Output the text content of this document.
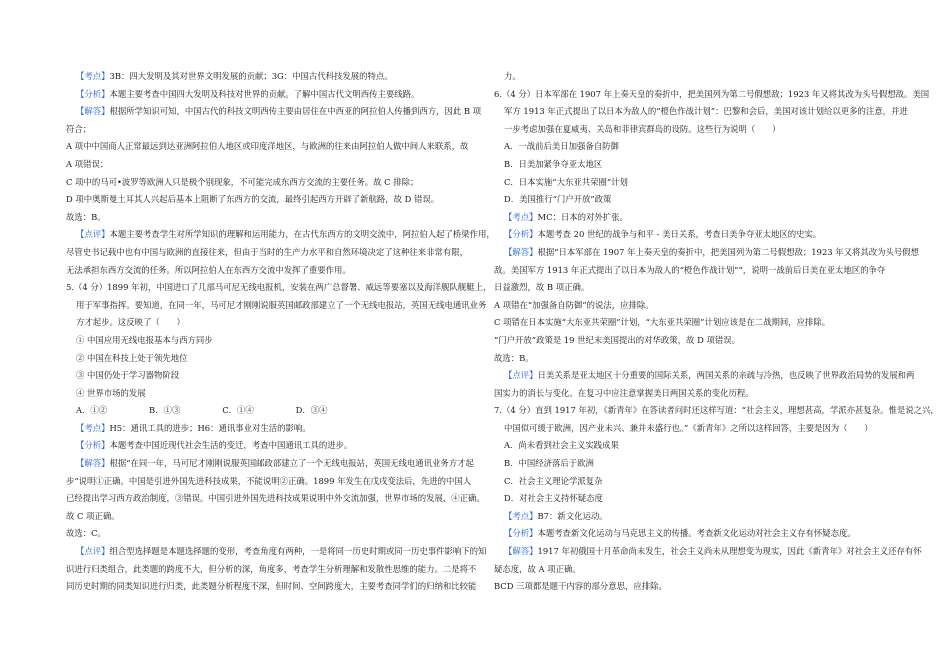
【考点】3B：四大发明及其对世界文明发展的贡献；3G：中国古代科技发展的特点。
【分析】本题主要考查中国四大发明及科技对世界的贡献。了解中国古代文明西传主要线路。
【解答】根据所学知识可知，中国古代的科技文明西传主要由居住在中西亚的阿拉伯人传播到西方，因此 B 项
符合；
A 项中中国商人正常最远到达亚洲阿拉伯人地区或印度洋地区，与欧洲的往来由阿拉伯人做中间人来联系，故
A 项错误；
C 项中的马可•波罗等欧洲人只是极个别现象，不可能完成东西方交流的主要任务。故 C 排除；
D 项中奥斯曼土耳其人兴起后基本上阻断了东西方的交流，最终引起西方开辟了新航路，故 D 错误。
故选：B。
【点评】本题主要考查学生对所学知识的理解和运用能力，在古代东西方的文明交流中，阿拉伯人起了桥梁作用，
尽管史书记载中也有中国与欧洲的直接往来，但由于当时的生产力水平和自然环境决定了这种往来非常有限，
无法承担东西方交流的任务。所以阿拉伯人在东西方交流中发挥了重要作用。
5.（4 分）1899 年初，中国进口了几部马可尼无线电报机，安装在两广总督署、威远等要塞以及海洋舰队舰艇上，
用于军事指挥。要知道，在同一年，马可尼才刚刚说服英国邮政部建立了一个无线电报站，英国无线电通讯业务
方才起步。这反映了（　　）
① 中国应用无线电报基本与西方同步
② 中国在科技上处于领先地位
③ 中国仍处于学习器物阶段
④ 世界市场的发展
A．①②　　　　　B．①③　　　　　C．①④　　　　　D．③④
【考点】H5：通讯工具的进步；H6：通讯事业对生活的影响。
【分析】本题考查中国近现代社会生活的变迁，考查中国通讯工具的进步。
【解答】根据“在同一年，马可尼才刚刚说服英国邮政部建立了一个无线电报站，英国无线电通讯业务方才起
步”说明①正确。中国是引进外国先进科技成果，不能说明②正确。1899 年发生在戊戌变法后，先进的中国人
已经提出学习西方政治制度，③错误。中国引进外国先进科技成果说明中外交流加强，世界市场的发展，④正确。
故 C 项正确。
故选：C。
【点评】组合型选择题是本题选择题的变形，考查角度有两种，一是将同一历史时期或同一历史事件影响下的知
识进行归类组合，此类题的跨度不大，但分析的深，角度多，考查学生分析理解和发散性思维的能力。二是将不
同历史时期的同类知识进行归类，此类题分析程度不深，但时间、空间跨度大，主要考查同学们的归纳和比较能
力。
6.（4 分）日本军部在 1907 年上奏天皇的奏折中，把美国列为第二号假想敌；1923 年又将其改为头号假想敌。美国
军方 1913 年正式提出了以日本为敌人的“橙色作战计划”：巴黎和会后，美国对该计划给以更多的注意，并进
一步考虑加强在夏威夷、关岛和菲律宾群岛的设防。这些行为说明（　　）
A．一战前后美日加强备自防御
B．日美加紧争夺亚太地区
C．日本实施“大东亚共荣圈”计划
D．美国推行“门户开放”政策
【考点】MC：日本的对外扩张。
【分析】本题考查 20 世纪的战争与和平 - 美日关系，考查日美争夺亚太地区的史实。
【解答】根据“日本军部在 1907 年上奏天皇的奏折中，把美国列为第二号假想敌；1923 年又将其改为头号假想
敌。美国军方 1913 年正式提出了以日本为敌人的“橙色作战计划””，说明一战前后日美在亚太地区的争夺
日益激烈，故 B 项正确。
A 项错在“加强备自防御”的说法，应排除。
C 项错在日本实施“大东亚共荣圈”计划，“大东亚共荣圈”计划应该是在二战期间，应排除。
“门户开放”政策是 19 世纪末美国提出的对华政策，故 D 项错误。
故选：B。
【点评】日美关系是亚太地区十分重要的国际关系，两国关系的亲疏与冷热，也反映了世界政治局势的发展和两
国实力的消长与变化。在复习中应注意掌握美日两国关系的变化历程。
7.（4 分）直到 1917 年初，《新青年》在答读者问时还这样写道：“社会主义，理想甚高，学派亦甚复杂。惟是说之兴，
中国似可缓于欧洲，因产业未兴、兼并未盛行也。”《新青年》之所以这样回答，主要是因为（　　）
A．尚未看到社会主义实践成果
B．中国经济落后于欧洲
C．社会主义理论学派复杂
D．对社会主义持怀疑态度
【考点】B7：新文化运动。
【分析】本题考查新文化运动与马克思主义的传播。考查新文化运动对社会主义存有怀疑态度。
【解答】1917 年初俄国十月革命尚未发生，社会主义尚未从理想变为现实，因此《新青年》对社会主义还存有怀
疑态度，故 A 项正确。
BCD 三项都是题干内容的部分意思，应排除。
